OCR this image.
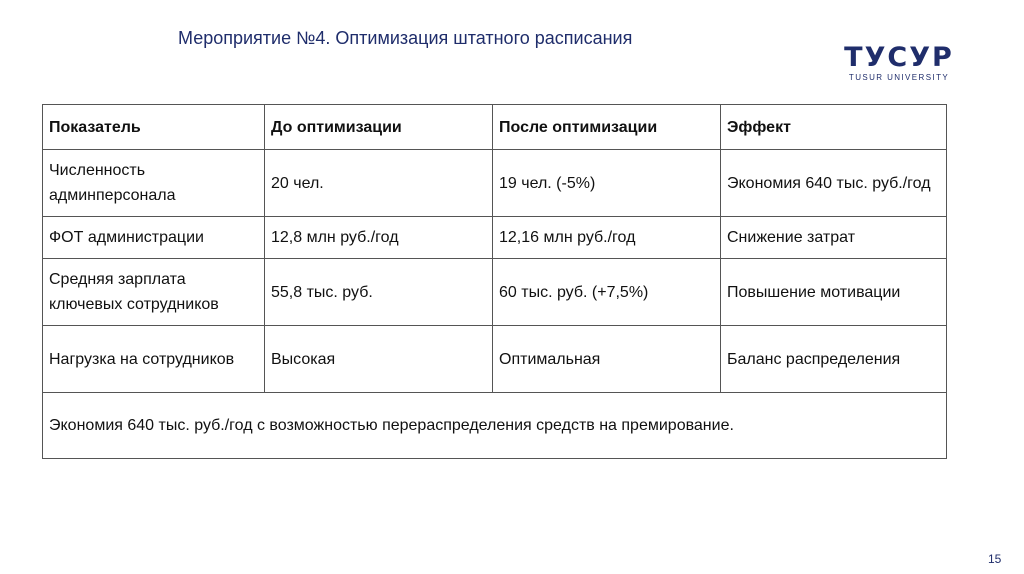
Мероприятие №4. Оптимизация штатного расписания
ТУСУР
TUSUR UNIVERSITY
Показатель	До оптимизации	После оптимизации	Эффект
Численность админперсонала	20 чел.	19 чел. (-5%)	Экономия 640 тыс. руб./год
ФОТ администрации	12,8 млн руб./год	12,16 млн руб./год	Снижение затрат
Средняя зарплата ключевых сотрудников	55,8 тыс. руб.	60 тыс. руб. (+7,5%)	Повышение мотивации
Нагрузка на сотрудников	Высокая	Оптимальная	Баланс распределения
Экономия 640 тыс. руб./год с возможностью перераспределения средств на премирование.			
15
